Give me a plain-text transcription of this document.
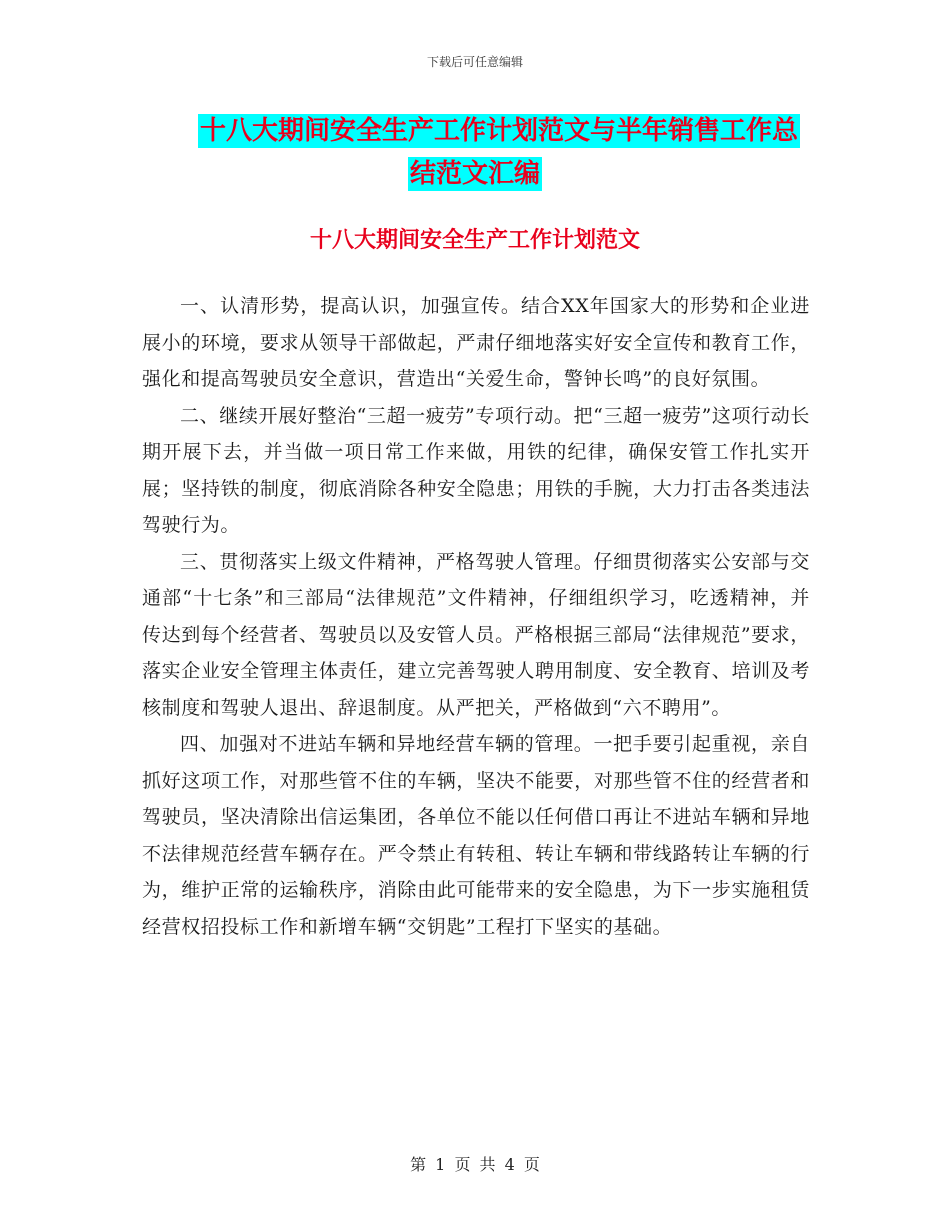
下载后可任意编辑
十八大期间安全生产工作计划范文与半年销售工作总
结范文汇编
十八大期间安全生产工作计划范文

一、认清形势，提高认识，加强宣传。结合XX年国家大的形势和企业进展小的环境，要求从领导干部做起，严肃仔细地落实好安全宣传和教育工作，强化和提高驾驶员安全意识，营造出“关爱生命，警钟长鸣”的良好氛围。

二、继续开展好整治“三超一疲劳”专项行动。把“三超一疲劳”这项行动长期开展下去，并当做一项日常工作来做，用铁的纪律，确保安管工作扎实开展；坚持铁的制度，彻底消除各种安全隐患；用铁的手腕，大力打击各类违法驾驶行为。

三、贯彻落实上级文件精神，严格驾驶人管理。仔细贯彻落实公安部与交通部“十七条”和三部局“法律规范”文件精神，仔细组织学习，吃透精神，并传达到每个经营者、驾驶员以及安管人员。严格根据三部局“法律规范”要求，落实企业安全管理主体责任，建立完善驾驶人聘用制度、安全教育、培训及考核制度和驾驶人退出、辞退制度。从严把关，严格做到“六不聘用”。

四、加强对不进站车辆和异地经营车辆的管理。一把手要引起重视，亲自抓好这项工作，对那些管不住的车辆，坚决不能要，对那些管不住的经营者和驾驶员，坚决清除出信运集团，各单位不能以任何借口再让不进站车辆和异地不法律规范经营车辆存在。严令禁止有转租、转让车辆和带线路转让车辆的行为，维护正常的运输秩序，消除由此可能带来的安全隐患，为下一步实施租赁经营权招投标工作和新增车辆“交钥匙”工程打下坚实的基础。

第 1 页 共 4 页
